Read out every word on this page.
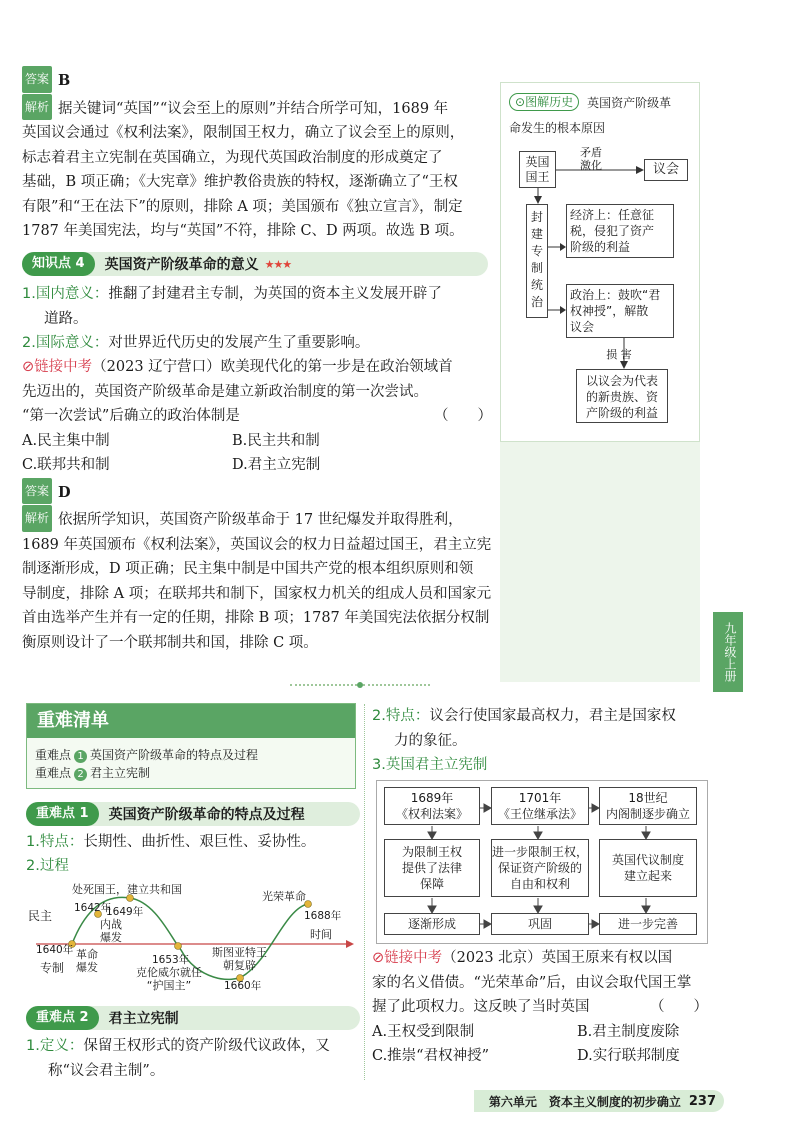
答案 B
解析 据关键词“英国”“议会至上的原则”并结合所学可知，1689 年
英国议会通过《权利法案》，限制国王权力，确立了议会至上的原则，
标志着君主立宪制在英国确立，为现代英国政治制度的形成奠定了
基础，B 项正确；《大宪章》维护教俗贵族的特权，逐渐确立了“王权
有限”和“王在法下”的原则，排除 A 项；美国颁布《独立宣言》，制定
1787 年美国宪法，均与“英国”不符，排除 C、D 两项。故选 B 项。
知识点 4	英国资产阶级革命的意义 ★★★
1.国内意义：推翻了封建君主专制，为英国的资本主义发展开辟了
道路。
2.国际意义：对世界近代历史的发展产生了重要影响。
⊘链接中考（2023 辽宁营口）欧美现代化的第一步是在政治领域首
先迈出的，英国资产阶级革命是建立新政治制度的第一次尝试。
“第一次尝试”后确立的政治体制是	（　　）
A.民主集中制	B.民主共和制
C.联邦共和制	D.君主立宪制
答案 D
解析 依据所学知识，英国资产阶级革命于 17 世纪爆发并取得胜利，
1689 年英国颁布《权利法案》，英国议会的权力日益超过国王，君主立宪
制逐渐形成，D 项正确；民主集中制是中国共产党的根本组织原则和领
导制度，排除 A 项；在联邦共和制下，国家权力机关的组成人员和国家元
首由选举产生并有一定的任期，排除 B 项；1787 年美国宪法依据分权制
衡原则设计了一个联邦制共和国，排除 C 项。
⊙图解历史	英国资产阶级革
命发生的根本原因
英国
国王
矛盾
激化	议会
封
建
专
制
统
治
经济上：任意征
税，侵犯了资产
阶级的利益
政治上：鼓吹“君
权神授”，解散
议会
损 害
以议会为代表
的新贵族、资
产阶级的利益
九年级上册
重难清单
重难点 1 英国资产阶级革命的特点及过程
重难点 2 君主立宪制
重难点 1	英国资产阶级革命的特点及过程
1.特点：长期性、曲折性、艰巨性、妥协性。
2.过程
民主
专制
时间
处死国王，建立共和国
光荣革命
1640年
1642年
1649年
1653年
1660年
1688年
内战
爆发
革命
爆发	克伦威尔就任
“护国主”
斯图亚特王
朝复辟
重难点 2	君主立宪制
1.定义：保留王权形式的资产阶级代议政体，又
称“议会君主制”。
2.特点：议会行使国家最高权力，君主是国家权
力的象征。
3.英国君主立宪制
1689年
《权利法案》
1701年
《王位继承法》
18世纪
内阁制逐步确立
为限制王权
提供了法律
保障
进一步限制王权，
保证资产阶级的
自由和权利
英国代议制度
建立起来
逐渐形成	巩固	进一步完善
⊘链接中考（2023 北京）英国王原来有权以国
家的名义借债。“光荣革命”后，由议会取代国王掌
握了此项权力。这反映了当时英国	（　　）
A.王权受到限制	B.君主制度废除
C.推崇“君权神授”	D.实行联邦制度
第六单元　资本主义制度的初步确立 237
